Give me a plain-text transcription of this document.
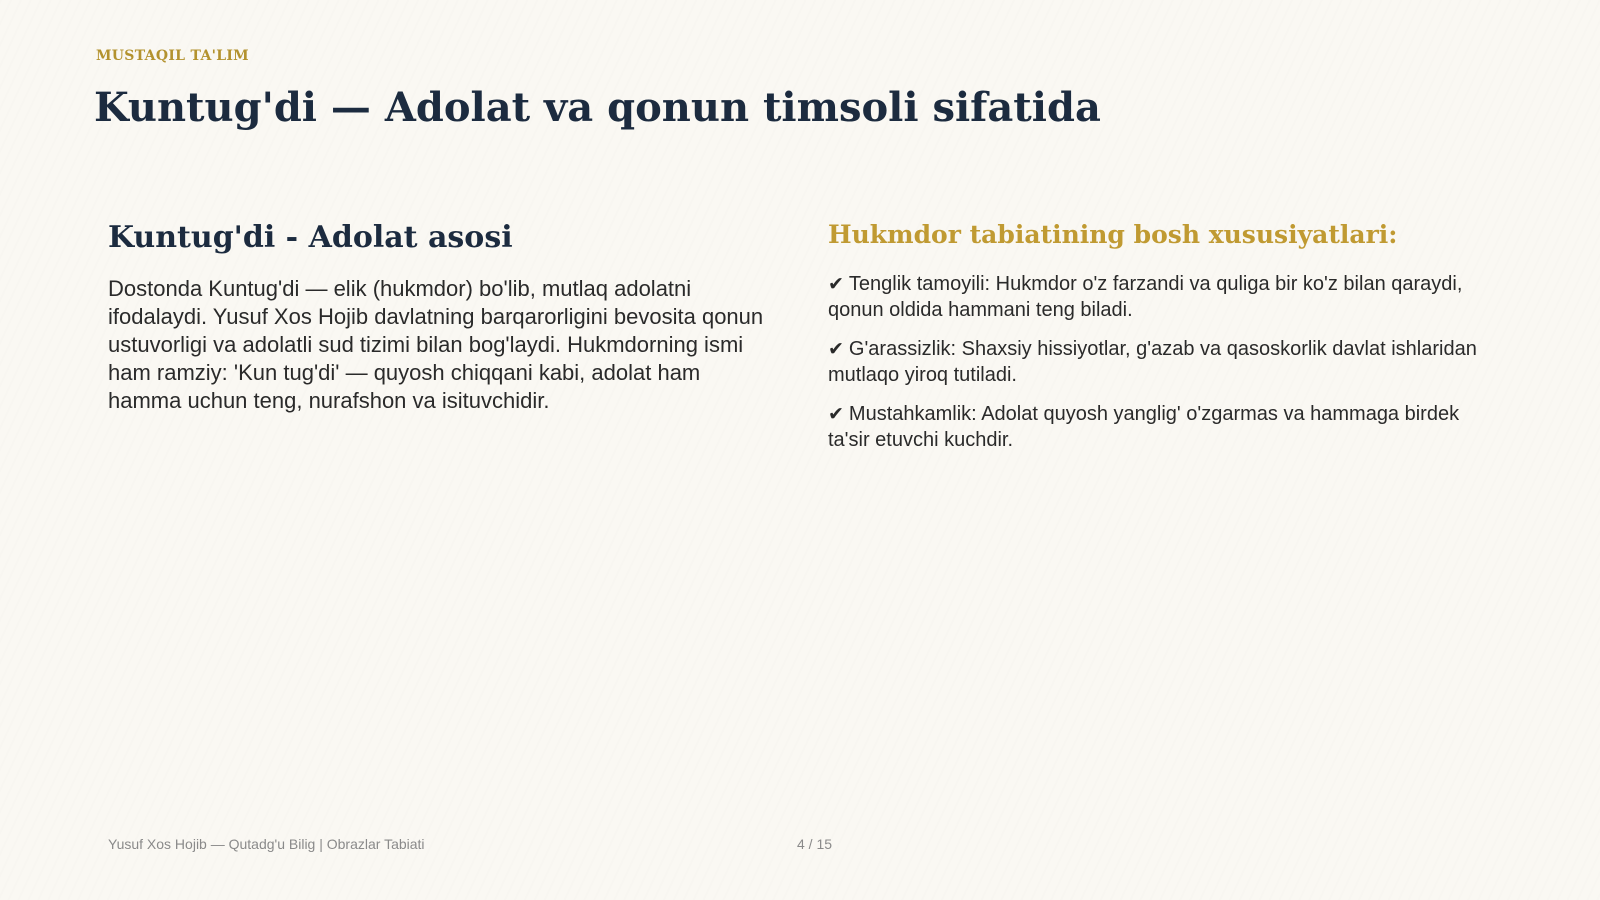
MUSTAQIL TA'LIM
Kuntug'di — Adolat va qonun timsoli sifatida
Kuntug'di - Adolat asosi

Dostonda Kuntug'di — elik (hukmdor) bo'lib, mutlaq adolatni ifodalaydi. Yusuf Xos Hojib davlatning barqarorligini bevosita qonun ustuvorligi va adolatli sud tizimi bilan bog'laydi. Hukmdorning ismi ham ramziy: 'Kun tug'di' — quyosh chiqqani kabi, adolat ham hamma uchun teng, nurafshon va isituvchidir.

Hukmdor tabiatining bosh xususiyatlari:
✔ Tenglik tamoyili: Hukmdor o'z farzandi va quliga bir ko'z bilan qaraydi, qonun oldida hammani teng biladi.
✔ G'arassizlik: Shaxsiy hissiyotlar, g'azab va qasoskorlik davlat ishlaridan mutlaqo yiroq tutiladi.
✔ Mustahkamlik: Adolat quyosh yanglig' o'zgarmas va hammaga birdek ta'sir etuvchi kuchdir.
Yusuf Xos Hojib — Qutadg'u Bilig | Obrazlar Tabiati	4 / 15
